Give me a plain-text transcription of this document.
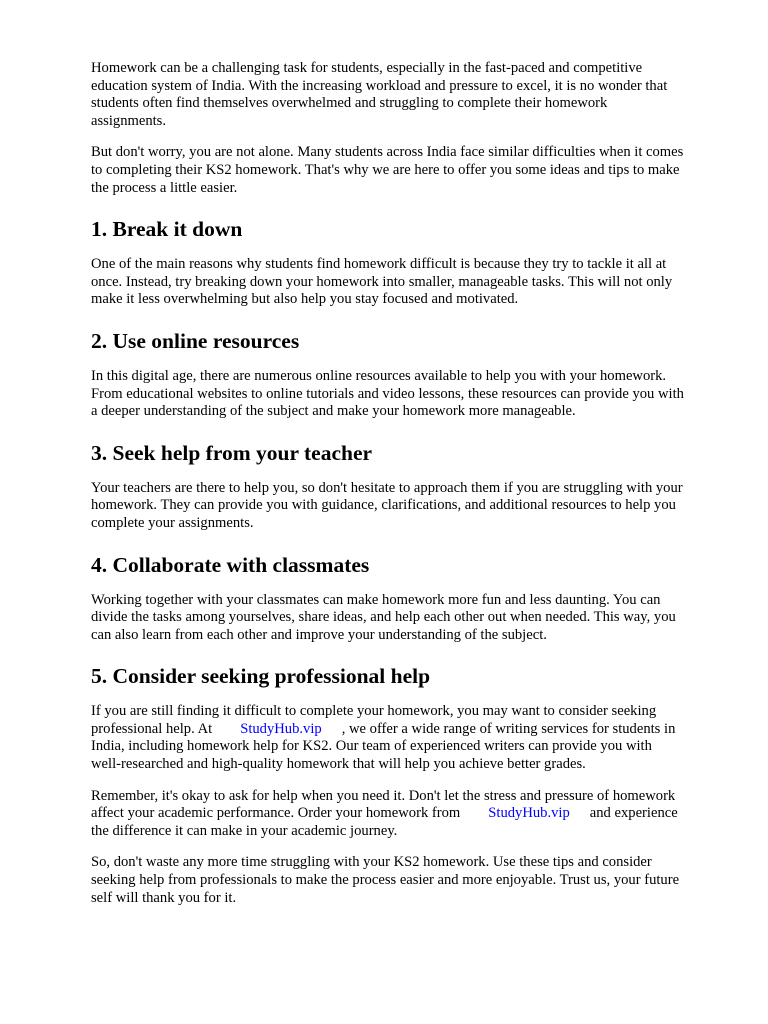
Homework can be a challenging task for students, especially in the fast-paced and competitive
education system of India. With the increasing workload and pressure to excel, it is no wonder that
students often find themselves overwhelmed and struggling to complete their homework
assignments.

But don't worry, you are not alone. Many students across India face similar difficulties when it comes
to completing their KS2 homework. That's why we are here to offer you some ideas and tips to make
the process a little easier.

1. Break it down

One of the main reasons why students find homework difficult is because they try to tackle it all at
once. Instead, try breaking down your homework into smaller, manageable tasks. This will not only
make it less overwhelming but also help you stay focused and motivated.

2. Use online resources

In this digital age, there are numerous online resources available to help you with your homework.
From educational websites to online tutorials and video lessons, these resources can provide you with
a deeper understanding of the subject and make your homework more manageable.

3. Seek help from your teacher

Your teachers are there to help you, so don't hesitate to approach them if you are struggling with your
homework. They can provide you with guidance, clarifications, and additional resources to help you
complete your assignments.

4. Collaborate with classmates

Working together with your classmates can make homework more fun and less daunting. You can
divide the tasks among yourselves, share ideas, and help each other out when needed. This way, you
can also learn from each other and improve your understanding of the subject.

5. Consider seeking professional help

If you are still finding it difficult to complete your homework, you may want to consider seeking
professional help. At StudyHub.vip , we offer a wide range of writing services for students in
India, including homework help for KS2. Our team of experienced writers can provide you with
well-researched and high-quality homework that will help you achieve better grades.

Remember, it's okay to ask for help when you need it. Don't let the stress and pressure of homework
affect your academic performance. Order your homework from StudyHub.vip and experience
the difference it can make in your academic journey.

So, don't waste any more time struggling with your KS2 homework. Use these tips and consider
seeking help from professionals to make the process easier and more enjoyable. Trust us, your future
self will thank you for it.
